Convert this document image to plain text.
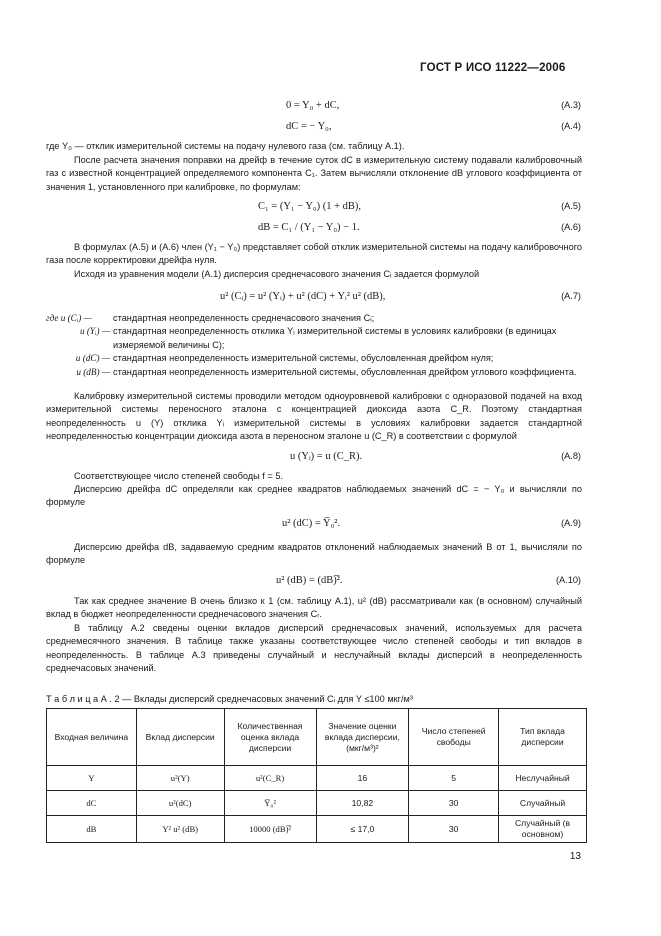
ГОСТ Р ИСО 11222—2006
0 = Y₀ + dC,	(A.3)
dC = − Y₀,	(A.4)
где Y₀ — отклик измерительной системы на подачу нулевого газа (см. таблицу А.1).
После расчета значения поправки на дрейф в течение суток dC в измерительную систему подавали калибровочный газ с известной концентрацией определяемого компонента C₁. Затем вычисляли отклонение dB углового коэффициента от значения 1, установленного при калибровке, по формулам:
C₁ = (Y₁ − Y₀) (1 + dB),	(A.5)
dB = C₁ / (Y₁ − Y₀) − 1.	(A.6)
В формулах (А.5) и (А.6) член (Y₁ − Y₀) представляет собой отклик измерительной системы на подачу калибровочного газа после корректировки дрейфа нуля.
Исходя из уравнения модели (А.1) дисперсия среднечасового значения Cᵢ задается формулой
u² (Cᵢ) = u² (Yᵢ) + u² (dC) + Yᵢ² u² (dB),	(A.7)
где u (Cᵢ) —	стандартная неопределенность среднечасового значения Cᵢ;
u (Yᵢ) — стандартная неопределенность отклика Yᵢ измерительной системы в условиях калибровки (в единицах измеряемой величины C);
u (dC) — стандартная неопределенность измерительной системы, обусловленная дрейфом нуля;
u (dB) — стандартная неопределенность измерительной системы, обусловленная дрейфом углового коэффициента.
Калибровку измерительной системы проводили методом одноуровневой калибровки с одноразовой подачей на вход измерительной системы переносного эталона с концентрацией диоксида азота C_R. Поэтому стандартная неопределенность u (Y) отклика Yᵢ измерительной системы в условиях калибровки задается стандартной неопределенностью концентрации диоксида азота в переносном эталоне u (C_R) в соответствии с формулой
u (Yᵢ) = u (C_R).	(A.8)
Соответствующее число степеней свободы f = 5.
Дисперсию дрейфа dC определяли как среднее квадратов наблюдаемых значений dC = − Y₀ и вычисляли по формуле
u² (dC) = Y̅₀².	(A.9)
Дисперсию дрейфа dB, задаваемую средним квадратов отклонений наблюдаемых значений B от 1, вычисляли по формуле
u² (dB) = (dB)̅².	(A.10)
Так как среднее значение B очень близко к 1 (см. таблицу А.1), u² (dB) рассматривали как (в основном) случайный вклад в бюджет неопределенности среднечасового значения Cᵣ.
В таблицу А.2 сведены оценки вкладов дисперсий среднечасовых значений, используемых для расчета среднемесячного значения. В таблице также указаны соответствующее число степеней свободы и тип вкладов в неопределенность. В таблице А.3 приведены случайный и неслучайный вклады дисперсий в неопределенность среднечасовых значений.
Т а б л и ц а А . 2 — Вклады дисперсий среднечасовых значений Cᵢ для Y ≤100 мкг/м³
Входная величина	Вклад дисперсии	Количественная оценка вклада дисперсии	Значение оценки вклада дисперсии, (мкг/м³)²	Число степеней свободы	Тип вклада дисперсии
Y	u²(Y)	u²(C_R)	16	5	Неслучайный
dC	u²(dC)	Y̅₀²	10,82	30	Случайный
dB	Y² u² (dB)	10000 (dB)̅²	≤ 17,0	30	Случайный (в основном)
13
